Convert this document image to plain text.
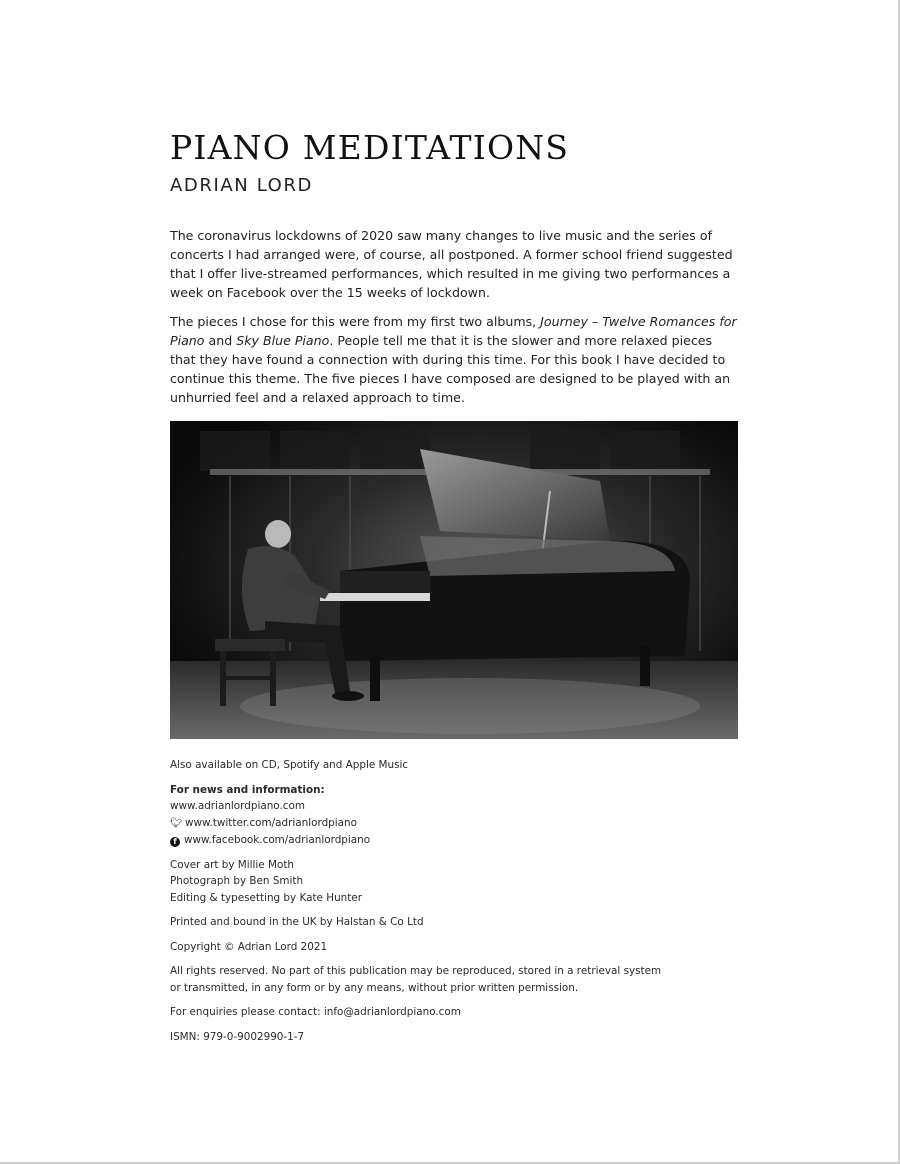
PIANO MEDITATIONS
ADRIAN LORD

The coronavirus lockdowns of 2020 saw many changes to live music and the series of concerts I had arranged were, of course, all postponed. A former school friend suggested that I offer live-streamed performances, which resulted in me giving two performances a week on Facebook over the 15 weeks of lockdown.

The pieces I chose for this were from my first two albums, Journey – Twelve Romances for Piano and Sky Blue Piano. People tell me that it is the slower and more relaxed pieces that they have found a connection with during this time. For this book I have decided to continue this theme. The five pieces I have composed are designed to be played with an unhurried feel and a relaxed approach to time.

Also available on CD, Spotify and Apple Music

For news and information:

www.adrianlordpiano.com

🐦︎ www.twitter.com/adrianlordpiano

f www.facebook.com/adrianlordpiano

Cover art by Millie Moth

Photograph by Ben Smith

Editing & typesetting by Kate Hunter

Printed and bound in the UK by Halstan & Co Ltd

Copyright © Adrian Lord 2021

All rights reserved. No part of this publication may be reproduced, stored in a retrieval system

or transmitted, in any form or by any means, without prior written permission.

For enquiries please contact: info@adrianlordpiano.com

ISMN: 979-0-9002990-1-7
